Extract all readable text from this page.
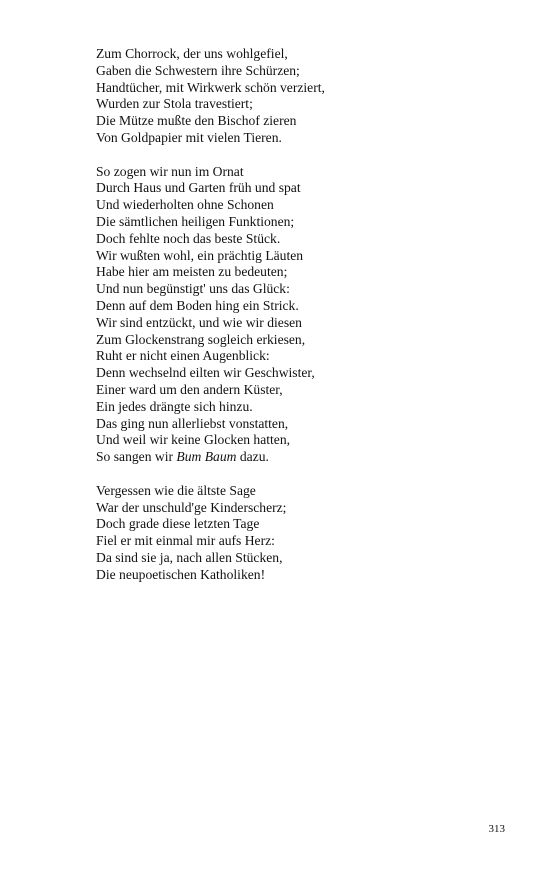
Zum Chorrock, der uns wohlgefiel,
Gaben die Schwestern ihre Schürzen;
Handtücher, mit Wirkwerk schön verziert,
Wurden zur Stola travestiert;
Die Mütze mußte den Bischof zieren
Von Goldpapier mit vielen Tieren.
So zogen wir nun im Ornat
Durch Haus und Garten früh und spat
Und wiederholten ohne Schonen
Die sämtlichen heiligen Funktionen;
Doch fehlte noch das beste Stück.
Wir wußten wohl, ein prächtig Läuten
Habe hier am meisten zu bedeuten;
Und nun begünstigt' uns das Glück:
Denn auf dem Boden hing ein Strick.
Wir sind entzückt, und wie wir diesen
Zum Glockenstrang sogleich erkiesen,
Ruht er nicht einen Augenblick:
Denn wechselnd eilten wir Geschwister,
Einer ward um den andern Küster,
Ein jedes drängte sich hinzu.
Das ging nun allerliebst vonstatten,
Und weil wir keine Glocken hatten,
So sangen wir Bum Baum dazu.
Vergessen wie die ältste Sage
War der unschuld'ge Kinderscherz;
Doch grade diese letzten Tage
Fiel er mit einmal mir aufs Herz:
Da sind sie ja, nach allen Stücken,
Die neupoetischen Katholiken!
313
